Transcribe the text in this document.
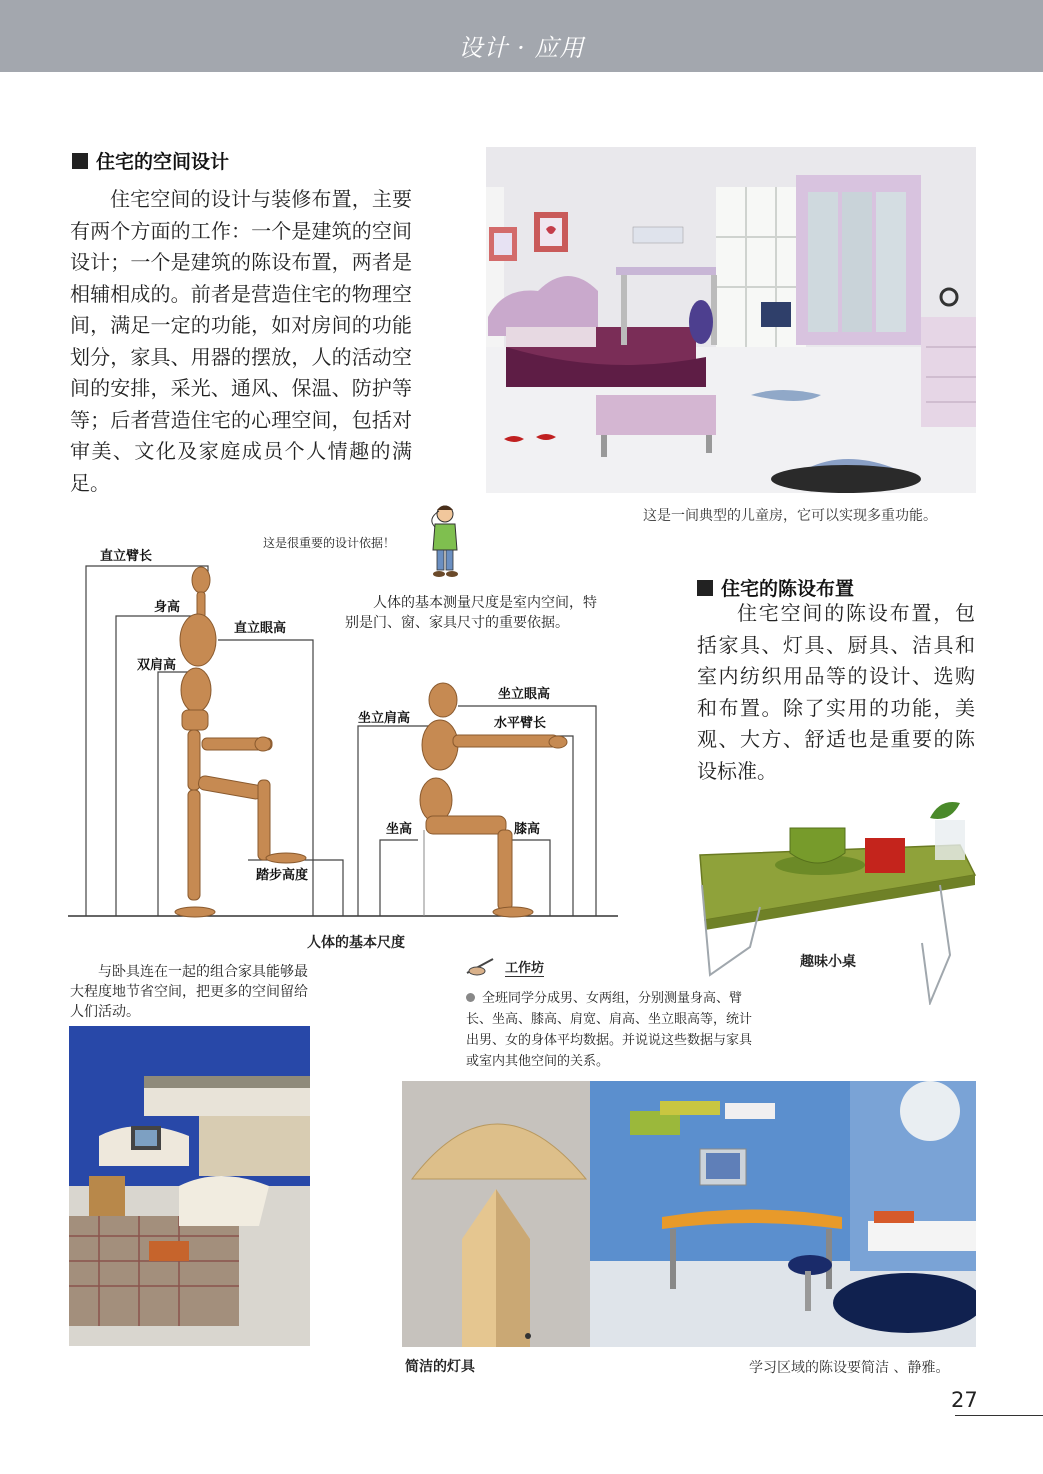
设计 · 应用
住宅的空间设计
住宅空间的设计与装修布置，主要有两个方面的工作：一个是建筑的空间设计；一个是建筑的陈设布置，两者是相辅相成的。前者是营造住宅的物理空间，满足一定的功能，如对房间的功能划分，家具、用器的摆放，人的活动空间的安排，采光、通风、保温、防护等等；后者营造住宅的心理空间，包括对审美、文化及家庭成员个人情趣的满足。
这是一间典型的儿童房，它可以实现多重功能。
这是很重要的设计依据！
直立臂长
身高
直立眼高
双肩高
踏步高度
坐立眼高
坐立肩高	水平臂长
坐高	膝高
人体的基本测量尺度是室内空间，特别是门、窗、家具尺寸的重要依据。
人体的基本尺度
住宅的陈设布置
住宅空间的陈设布置，包括家具、灯具、厨具、洁具和室内纺织用品等的设计、选购和布置。除了实用的功能，美观、大方、舒适也是重要的陈设标准。
趣味小桌
与卧具连在一起的组合家具能够最大程度地节省空间，把更多的空间留给人们活动。
工作坊
全班同学分成男、女两组，分别测量身高、臂长、坐高、膝高、肩宽、肩高、坐立眼高等，统计出男、女的身体平均数据。并说说这些数据与家具或室内其他空间的关系。
简洁的灯具	学习区域的陈设要简洁 、静雅。
27
